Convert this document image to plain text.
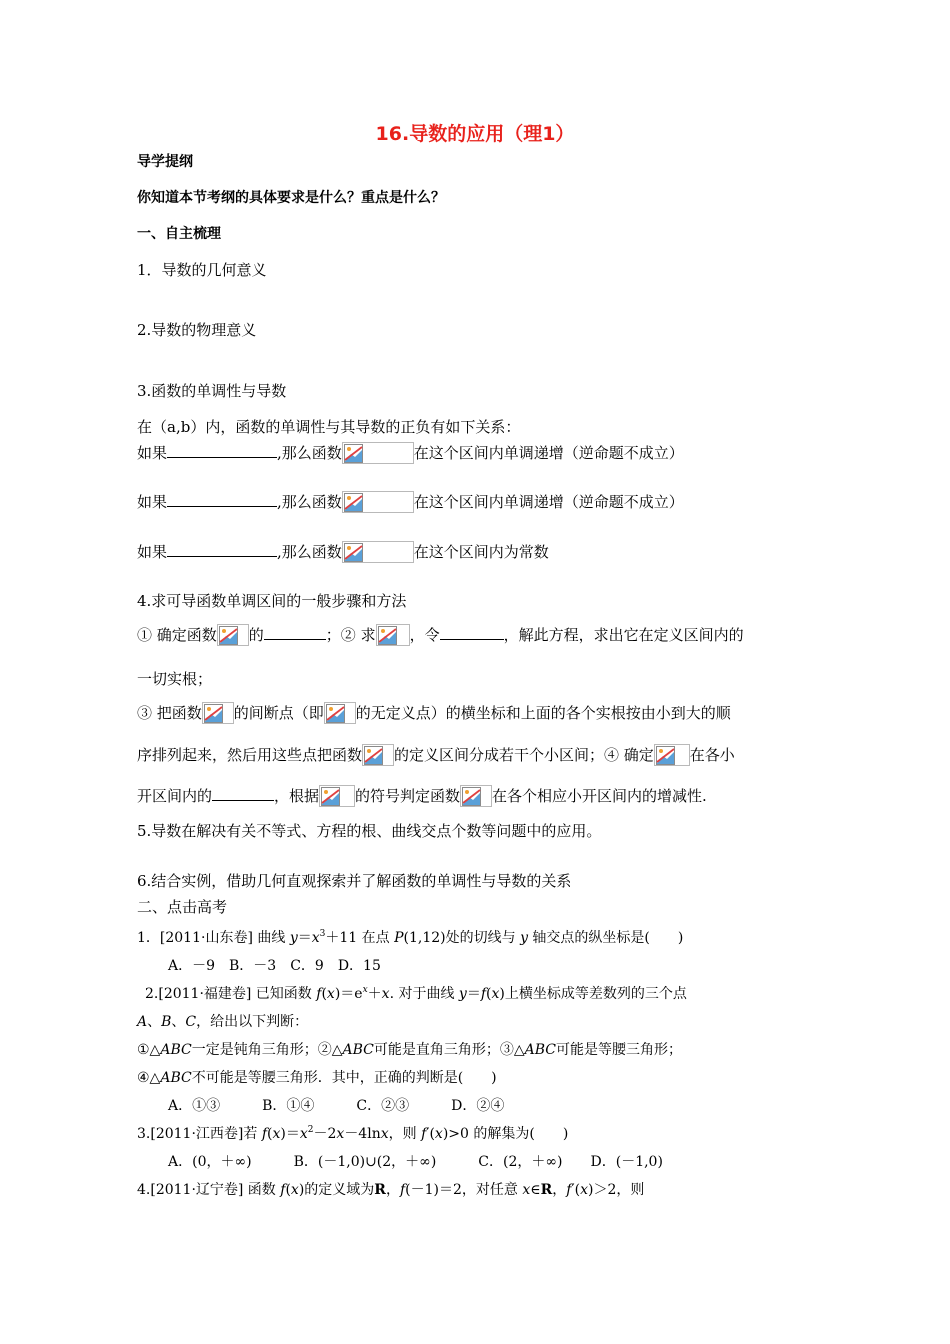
16.导数的应用（理1）
导学提纲
你知道本节考纲的具体要求是什么？重点是什么？
一、自主梳理
1．导数的几何意义
2.导数的物理意义
3.函数的单调性与导数
在（a,b）内，函数的单调性与其导数的正负有如下关系：
如果	,那么函数	在这个区间内单调递增（逆命题不成立）
如果	,那么函数	在这个区间内单调递增（逆命题不成立）
如果	,那么函数	在这个区间内为常数
4.求可导函数单调区间的一般步骤和方法
① 确定函数 的	；② 求 ，令	，解此方程，求出它在定义区间内的
一切实根；
③ 把函数 的间断点（即 的无定义点）的横坐标和上面的各个实根按由小到大的顺
序排列起来，然后用这些点把函数 的定义区间分成若干个小区间；④ 确定 在各小
开区间内的	，根据 的符号判定函数 在各个相应小开区间内的增减性.
5.导数在解决有关不等式、方程的根、曲线交点个数等问题中的应用。
6.结合实例，借助几何直观探索并了解函数的单调性与导数的关系
二、点击高考
1．[2011·山东卷] 曲线 $y=x^3+11$ 在点 P(1,12)处的切线与 y 轴交点的纵坐标是(　　)
A．－9　B．－3　C．9　D．15
2.[2011·福建卷] 已知函数 $f(x)=e^x+x$. 对于曲线 y＝f(x)上横坐标成等差数列的三个点
A、B、C，给出以下判断：
①△ABC一定是钝角三角形；②△ABC可能是直角三角形；③△ABC可能是等腰三角形；
④△ABC不可能是等腰三角形．其中，正确的判断是(　　)
A．①③　　　B．①④　　　C．②③　　　D．②④
3.[2011·江西卷]若 $f(x)=x^2-2x-4\ln x$，则 f′(x)>0 的解集为(　　)
A．(0，＋∞)　　　B．(－1,0)∪(2，＋∞)　　　C．(2，＋∞)　　D．(－1,0)
4.[2011·辽宁卷] 函数 f(x)的定义域为R，f(－1)＝2，对任意 x∈R，f′(x)＞2，则
